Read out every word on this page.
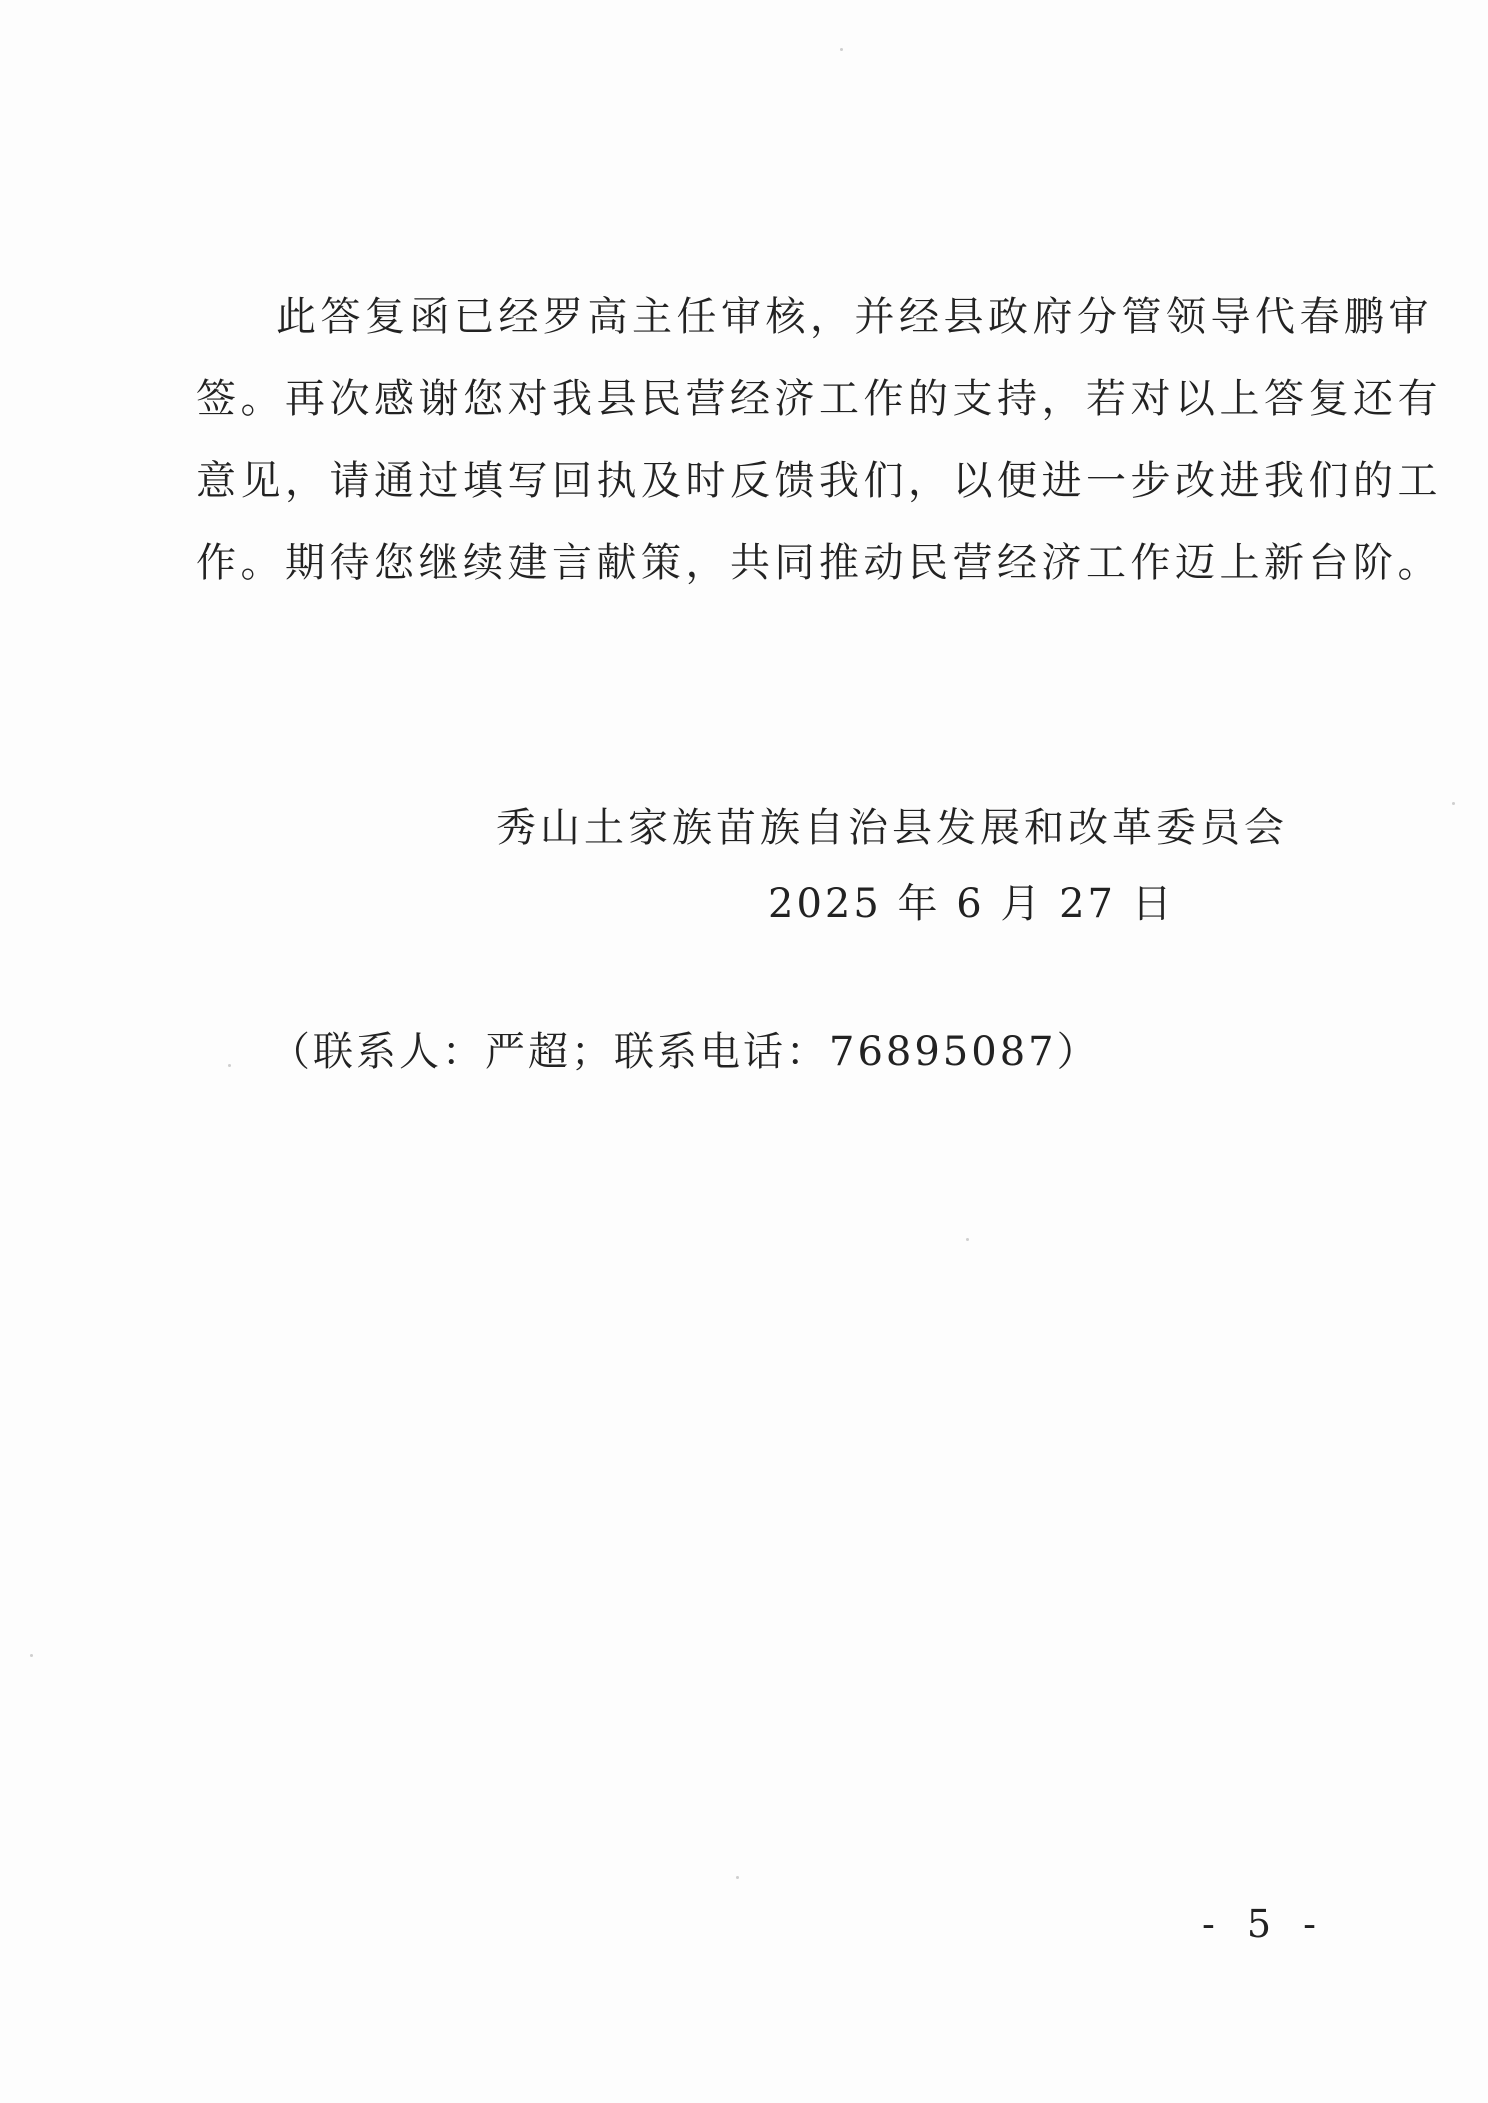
此答复函已经罗高主任审核，并经县政府分管领导代春鹏审
签。再次感谢您对我县民营经济工作的支持，若对以上答复还有
意见，请通过填写回执及时反馈我们，以便进一步改进我们的工
作。期待您继续建言献策，共同推动民营经济工作迈上新台阶。
秀山土家族苗族自治县发展和改革委员会
2025 年 6 月 27 日
（联系人：严超；联系电话：76895087）
- 5 -
